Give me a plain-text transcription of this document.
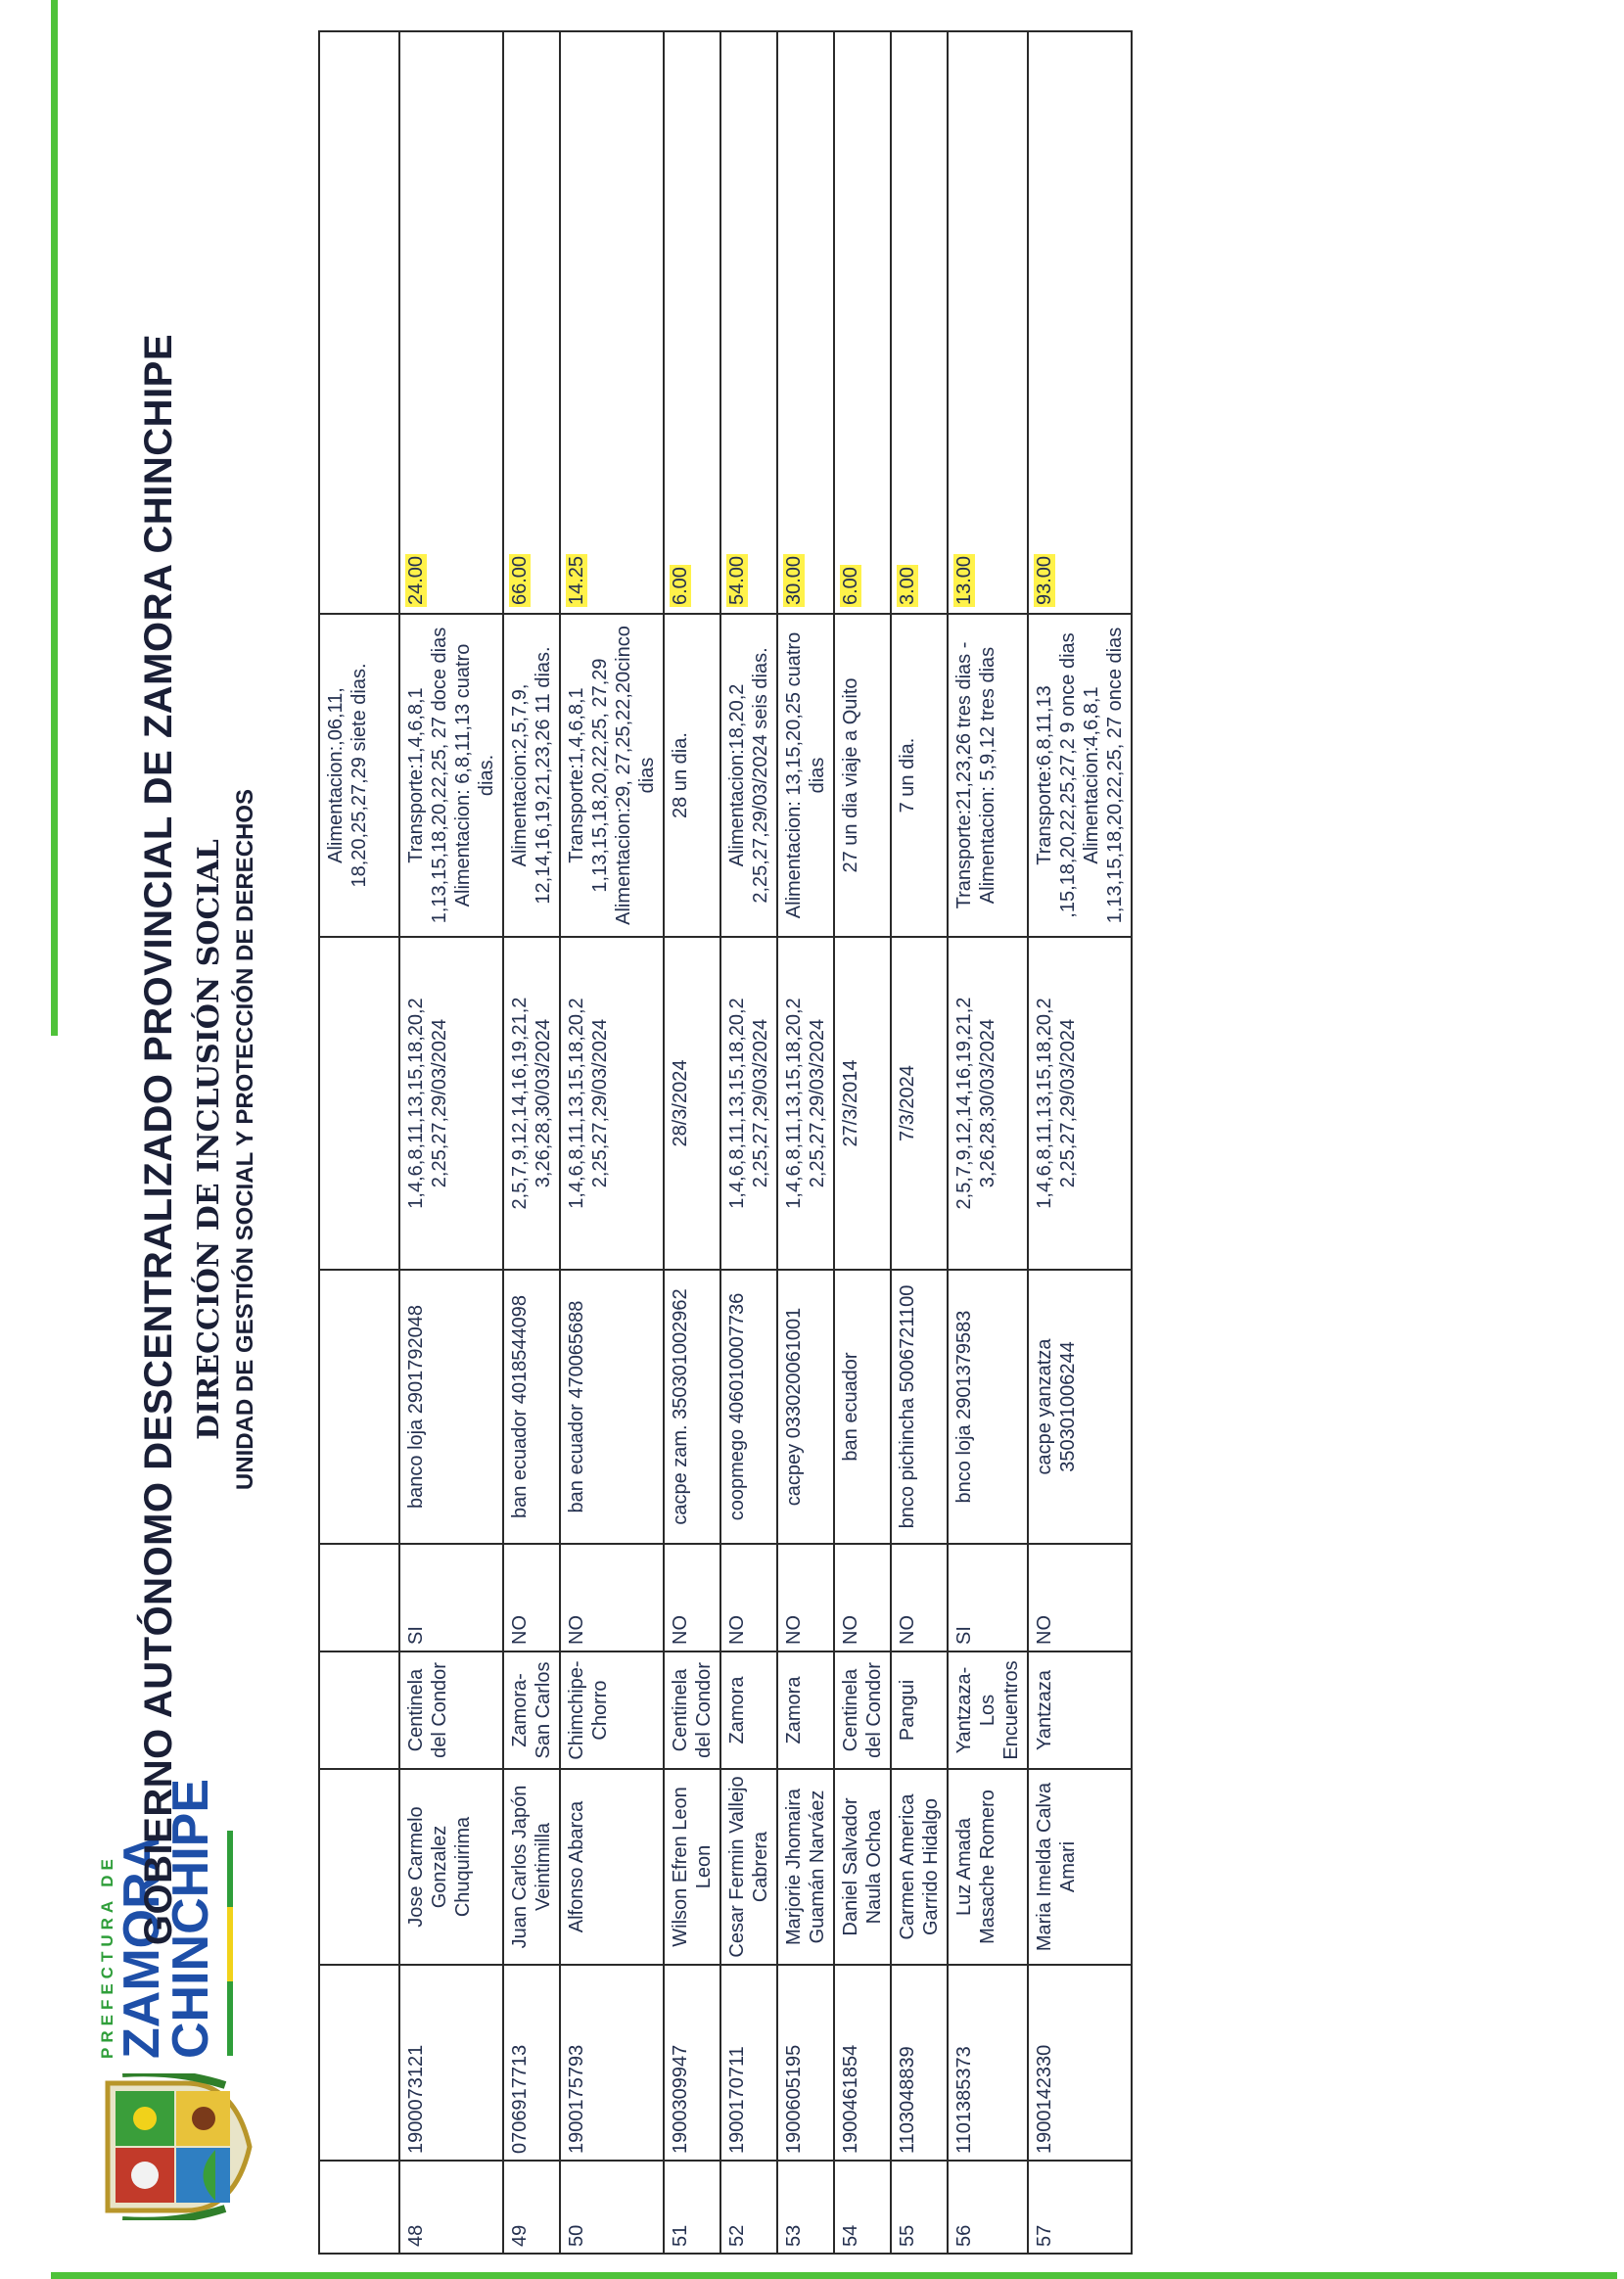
PREFECTURA DE
ZAMORA
CHINCHIPE
GOBIERNO AUTÓNOMO DESCENTRALIZADO PROVINCIAL DE ZAMORA CHINCHIPE DIRECCIÓN DE INCLUSIÓN SOCIAL UNIDAD DE GESTIÓN SOCIAL Y PROTECCIÓN DE DERECHOS
							Alimentacion:,06,11, 18,20,25,27,29 siete dias.	
48	1900073121	Jose Carmelo Gonzalez Chuquirima	Centinela del Condor	SI	banco loja 2901792048	1,4,6,8,11,13,15,18,20,2 2,25,27,29/03/2024	Transporte:1,4,6,8,1 1,13,15,18,20,22,25, 27 doce dias Alimentacion: 6,8,11,13 cuatro dias.	24.00
49	0706917713	Juan Carlos Japón Veintimilla	Zamora-San Carlos	NO	ban ecuador 4018544098	2,5,7,9,12,14,16,19,21,2 3,26,28,30/03/2024	Alimentacion:2,5,7,9, 12,14,16,19,21,23,26 11 dias.	66.00
50	1900175793	Alfonso Abarca	Chimchipe-Chorro	NO	ban ecuador 470065688	1,4,6,8,11,13,15,18,20,2 2,25,27,29/03/2024	Transporte:1,4,6,8,1 1,13,15,18,20,22,25, 27,29 Alimentacion:29, 27,25,22,20cinco dias	14.25
51	1900309947	Wilson Efren Leon Leon	Centinela del Condor	NO	cacpe zam. 350301002962	28/3/2024	28 un dia.	6.00
52	1900170711	Cesar Fermin Vallejo Cabrera	Zamora	NO	coopmego 406010007736	1,4,6,8,11,13,15,18,20,2 2,25,27,29/03/2024	Alimentacion:18,20,2 2,25,27,29/03/2024 seis dias.	54.00
53	1900605195	Marjorie Jhomaira Guamán Narváez	Zamora	NO	cacpey 033020061001	1,4,6,8,11,13,15,18,20,2 2,25,27,29/03/2024	Alimentacion: 13,15,20,25 cuatro dias	30.00
54	1900461854	Daniel Salvador Naula Ochoa	Centinela del Condor	NO	ban ecuador	27/3/2014	27 un dia viaje a Quito	6.00
55	1103048839	Carmen America Garrido Hidalgo	Pangui	NO	bnco pichincha 5006721100	7/3/2024	7 un dia.	3.00
56	1101385373	Luz Amada Masache Romero	Yantzaza-Los Encuentros	SI	bnco loja 2901379583	2,5,7,9,12,14,16,19,21,2 3,26,28,30/03/2024	Transporte:21,23,26 tres dias -Alimentacion: 5,9,12 tres dias	13.00
57	1900142330	Maria Imelda Calva Amari	Yantzaza	NO	cacpe yanzatza 350301006244	1,4,6,8,11,13,15,18,20,2 2,25,27,29/03/2024	Transporte:6,8,11,13 ,15,18,20,22,25,27,2 9 once dias Alimentacion:4,6,8,1 1,13,15,18,20,22,25, 27 once dias	93.00
